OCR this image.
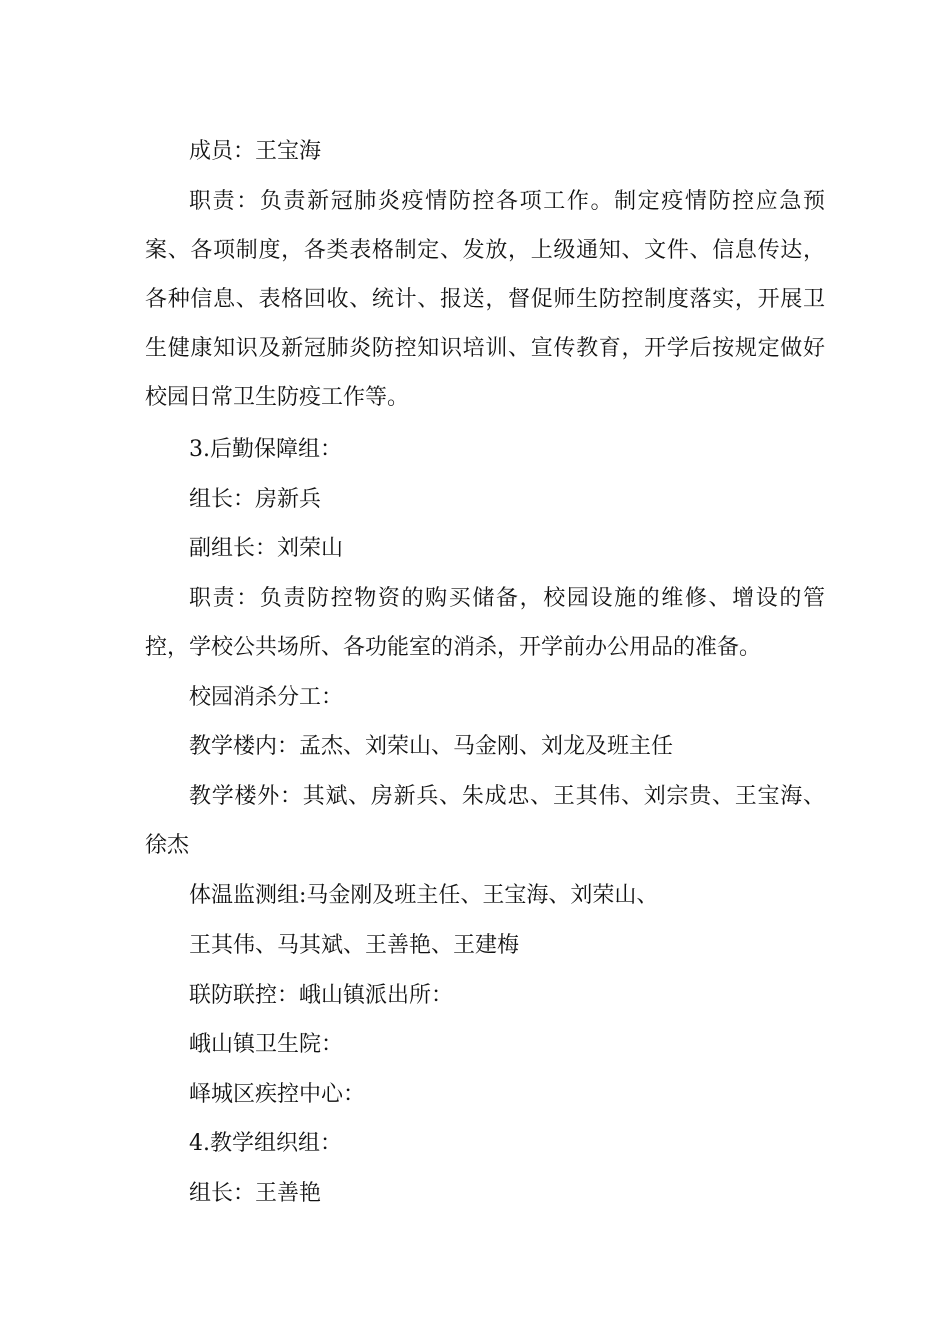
成员：王宝海
职责：负责新冠肺炎疫情防控各项工作。制定疫情防控应急预案、各项制度，各类表格制定、发放，上级通知、文件、信息传达，各种信息、表格回收、统计、报送，督促师生防控制度落实，开展卫生健康知识及新冠肺炎防控知识培训、宣传教育，开学后按规定做好校园日常卫生防疫工作等。
3.后勤保障组：
组长：房新兵
副组长：刘荣山
职责：负责防控物资的购买储备，校园设施的维修、增设的管控，学校公共场所、各功能室的消杀，开学前办公用品的准备。
校园消杀分工：
教学楼内：孟杰、刘荣山、马金刚、刘龙及班主任
教学楼外：其斌、房新兵、朱成忠、王其伟、刘宗贵、王宝海、徐杰
体温监测组:马金刚及班主任、王宝海、刘荣山、
王其伟、马其斌、王善艳、王建梅
联防联控：峨山镇派出所：
峨山镇卫生院：
峄城区疾控中心：
4.教学组织组：
组长：王善艳
